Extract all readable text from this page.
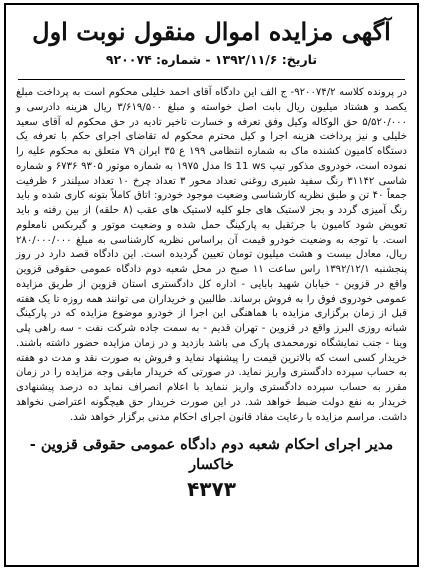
آگهی مزایده اموال منقول نوبت اول
تاریخ: ۱۳۹۲/۱۱/۶ - شماره: ۹۲۰۰۷۴
در پرونده کلاسه ۹۲۰۰۷۴/۲- ج الف این دادگاه آقای احمد خلیلی محکوم است به پرداخت مبلغ یکصد و هشتاد میلیون ریال بابت اصل خواسته و مبلغ ۳/۶۱۹/۵۰۰ ریال هزینه دادرسی و ۵/۵۲۰/۰۰۰ حق الوکاله وکیل وفق تعرفه و خسارت تاخیر تادیه در حق محکوم له آقای سعید خلیلی و نیز پرداخت هزینه اجرا و کیل محترم محکوم له تقاضای اجرای حکم با تعرفه یک دستگاه کامیون کشنده ماک به شماره انتظامی ۱۹۹ ع ۳۵ ایران ۷۹ متعلق به محکوم علیه را نموده است، خودروی مذکور تیپ ls 11 ws مدل ۱۹۷۵ به شماره موتور ۹۳۰۵ ۶۷۳۶ و شماره شاسی ۳۱۱۴۲ رنگ سفید شیری روغنی تعداد محور ۳ تعداد چرخ ۱۰ تعداد سیلندر ۶ ظرفیت جمعاً ۴۰ تن و طبق نظریه کارشناسی وضعیت موجود خودرو: اتاق کاملاً بتونه کاری شده و باید رنگ آمیزی گردد و بجز لاستیک های جلو کلیه لاستیک های عقب (۸ حلقه) از بین رفته و باید تعویض شود کامیون با جرثقیل به پارکینگ حمل شده و وضعیت موتور و گیربکس نامعلوم است. با توجه به وضعیت خودرو قیمت آن براساس نظریه کارشناسی به مبلغ ۲۸۰/۰۰۰/۰۰۰ ریال، معادل بیست و هشت میلیون تومان تعیین گردیده است. این دادگاه قصد دارد در روز پنجشنبه ۱۳۹۲/۱۲/۱ راس ساعت ۱۱ صبح در محل شعبه دوم دادگاه عمومی حقوقی قزوین واقع در قزوین - خیابان شهید بابایی - اداره کل دادگستری استان قزوین از طریق مزایده عمومی خودروی فوق را به فروش برساند. طالبین و خریداران می توانند همه روزه تا یک هفته قبل از زمان برگزاری مزایده با هماهنگی این اجرا از خودرو موضوع مزایده که در پارکینگ شبانه روزی البرز واقع در قزوین - تهران قدیم - به سمت جاده شرکت نفت - سه راهی پلی وینا - جنب نمایشگاه نورمحمدی پارک می باشد بازدید و در زمان مزایده حضور داشته باشند. خریدار کسی است که بالاترین قیمت را پیشنهاد نماید و فروش به صورت نقد و مدت دو هفته به حساب سپرده دادگستری واریز نماید. در صورتی که خریدار مابقی وجه مزایده را در زمان مقرر به حساب سپرده دادگستری واریز ننماید با اعلام انصراف نماید ده درصد پیشنهادی خریدار به نفع دولت ضبط خواهد شد. در این صورت خریدار حق هیچگونه اعتراضی نخواهد داشت. مراسم مزایده با رعایت مفاد قانون اجرای احکام مدنی برگزار خواهد شد.
مدیر اجرای احکام شعبه دوم دادگاه عمومی حقوقی قزوین - خاکسار
۴۳۷۳
